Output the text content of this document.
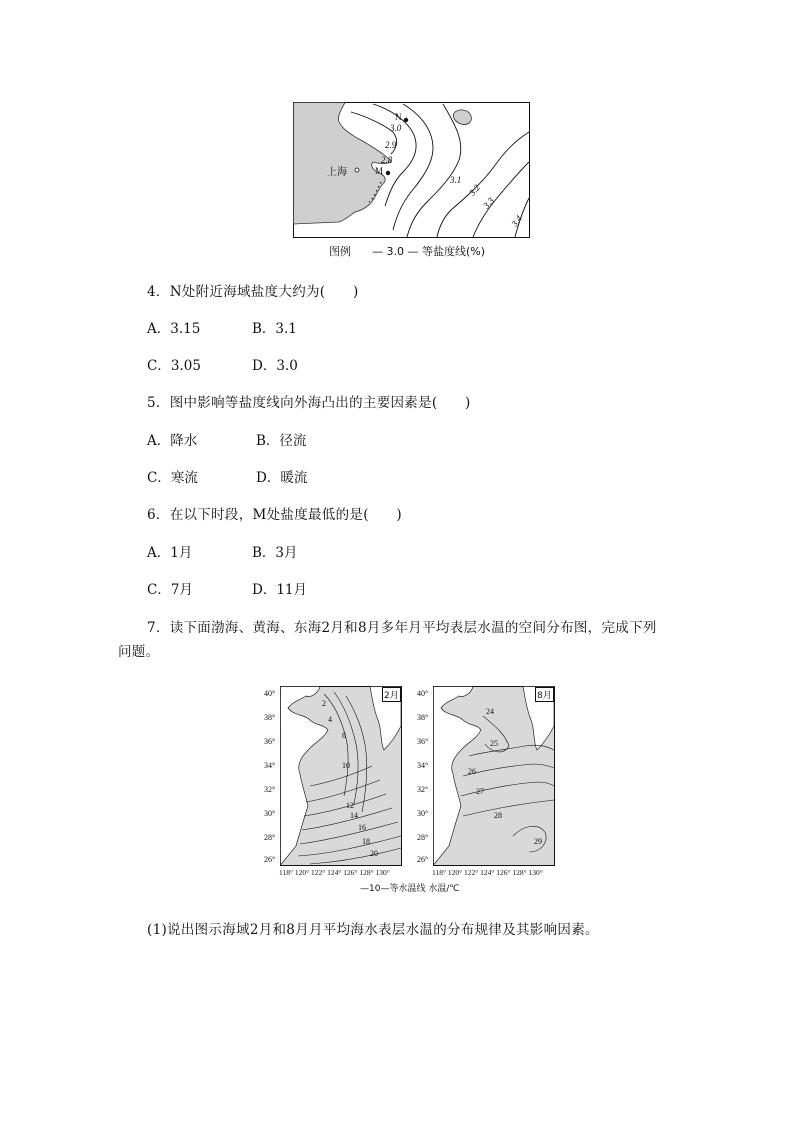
N
M
上海
3.0
2.9
2.8
3.1
3.2
3.3
3.4
图例 — 3.0 — 等盐度线(%)
4．N处附近海域盐度大约为(　　)
A．3.15	B．3.1
C．3.05	D．3.0
5．图中影响等盐度线向外海凸出的主要因素是(　　)
A．降水	B．径流
C．寒流	D．暖流
6．在以下时段，M处盐度最低的是(　　)
A．1月	B．3月
C．7月	D．11月
7．读下面渤海、黄海、东海2月和8月多年月平均表层水温的空间分布图，完成下列
问题。
2月	8月
40°
38°
36°
34°
32°
30°
28°
26°
40°
38°
36°
34°
32°
30°
28°
26°
2
4
8
10
12
14
16
18
20
24
25
26
27
28
29
118° 120° 122° 124° 126° 128° 130°	118° 120° 122° 124° 126° 128° 130°
—10—等水温线 水温/℃
(1)说出图示海域2月和8月月平均海水表层水温的分布规律及其影响因素。
